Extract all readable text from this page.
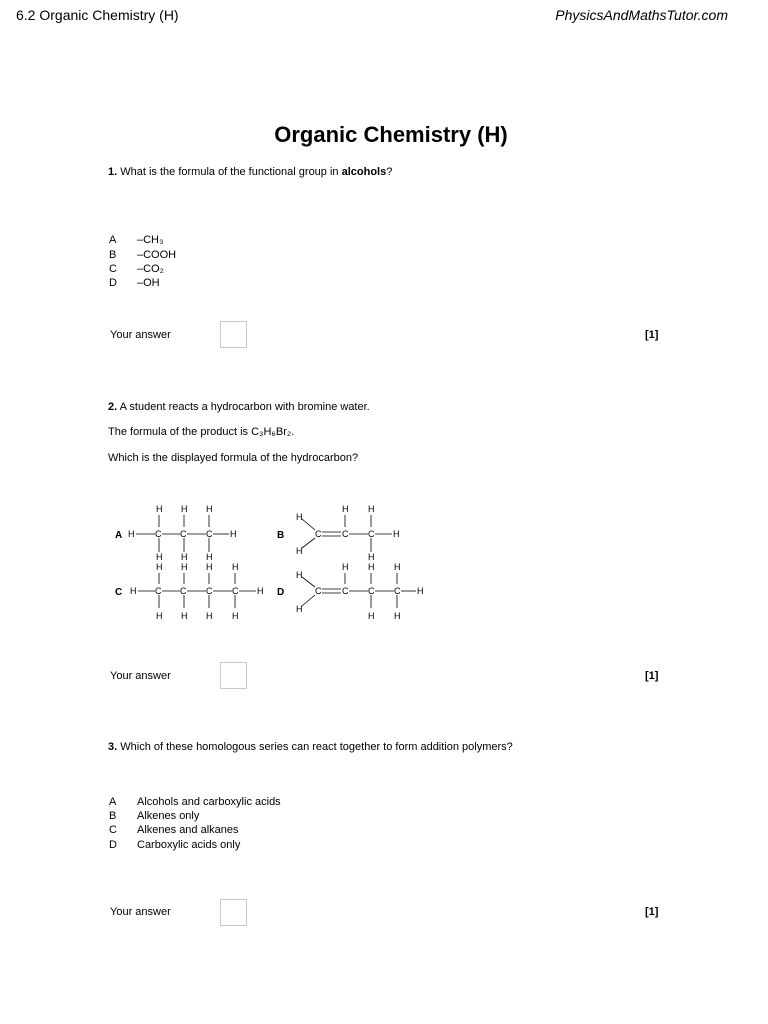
6.2 Organic Chemistry (H)	PhysicsAndMathsTutor.com
Organic Chemistry (H)
1. What is the formula of the functional group in alcohols?
A	–CH₃
B	–COOH
C	–CO₂
D	–OH
Your answer	[1]
2. A student reacts a hydrocarbon with bromine water.
The formula of the product is C₃H₆Br₂.
Which is the displayed formula of the hydrocarbon?
A	B
C	D
H C C C H
H H H
H H H
H
H
C C C H
H H
H
H C C C C H
H H H H
H H H H
H
H
C C C C H
H H H
H H
Your answer	[1]
3. Which of these homologous series can react together to form addition polymers?
A	Alcohols and carboxylic acids
B	Alkenes only
C	Alkenes and alkanes
D	Carboxylic acids only
Your answer	[1]
